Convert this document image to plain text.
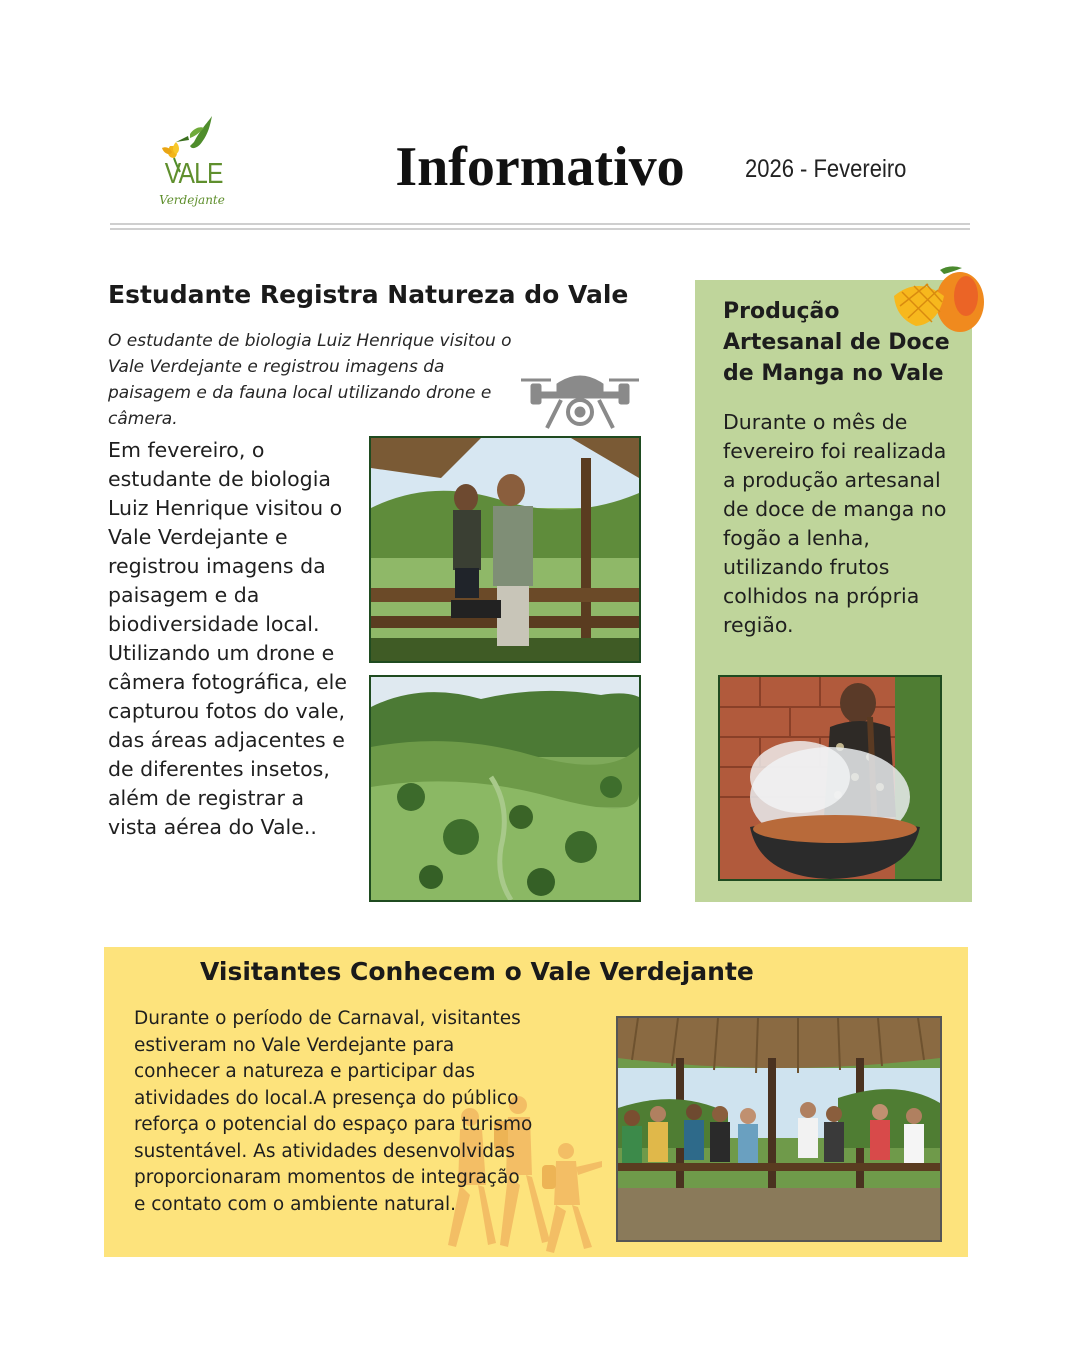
VALE
Verdejante
Informativo	2026 - Fevereiro
Estudante Registra Natureza do Vale
O estudante de biologia Luiz Henrique visitou o Vale Verdejante e registrou imagens da paisagem e da fauna local utilizando drone e câmera.
Em fevereiro, o estudante de biologia Luiz Henrique visitou o Vale Verdejante e registrou imagens da paisagem e da biodiversidade local. Utilizando um drone e câmera fotográfica, ele capturou fotos do vale, das áreas adjacentes e de diferentes insetos, além de registrar a vista aérea do Vale..
Produção Artesanal de Doce de Manga no Vale
Durante o mês de fevereiro foi realizada a produção artesanal de doce de manga no fogão a lenha, utilizando frutos colhidos na própria região.
Visitantes Conhecem o Vale Verdejante
Durante o período de Carnaval, visitantes estiveram no Vale Verdejante para conhecer a natureza e participar das atividades do local.A presença do público reforça o potencial do espaço para turismo sustentável. As atividades desenvolvidas proporcionaram momentos de integração e contato com o ambiente natural.
